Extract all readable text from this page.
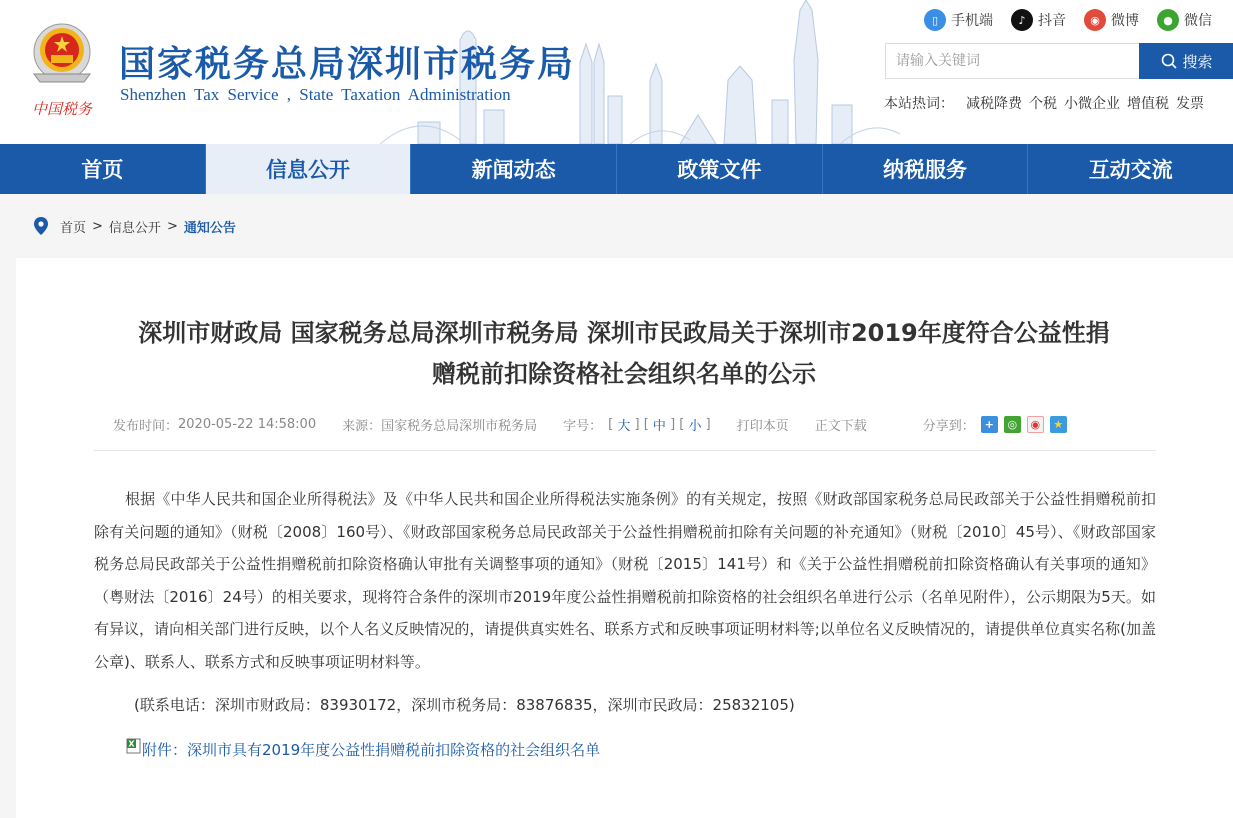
中国税务
国家税务总局深圳市税务局
Shenzhen Tax Service , State Taxation Administration
▯ 手机端	♪ 抖音	◉ 微博	● 微信
请输入关键词
搜索
本站热词： 减税降费 个税 小微企业 增值税 发票
首页	信息公开	新闻动态	政策文件	纳税服务	互动交流
首页 > 信息公开 > 通知公告
深圳市财政局 国家税务总局深圳市税务局 深圳市民政局关于深圳市2019年度符合公益性捐
赠税前扣除资格社会组织名单的公示
发布时间： 2020-05-22 14:58:00 来源： 国家税务总局深圳市税务局 字号： [ 大 ] [ 中 ] [ 小 ] 打印本页 正文下载	分享到： +	◎	◉	★

根据《中华人民共和国企业所得税法》及《中华人民共和国企业所得税法实施条例》的有关规定，按照《财政部国家税务总局民政部关于公益性捐赠税前扣除有关问题的通知》（财税〔2008〕160号）、《财政部国家税务总局民政部关于公益性捐赠税前扣除有关问题的补充通知》（财税〔2010〕45号）、《财政部国家税务总局民政部关于公益性捐赠税前扣除资格确认审批有关调整事项的通知》（财税〔2015〕141号）和《关于公益性捐赠税前扣除资格确认有关事项的通知》（粤财法〔2016〕24号）的相关要求，现将符合条件的深圳市2019年度公益性捐赠税前扣除资格的社会组织名单进行公示（名单见附件），公示期限为5天。如有异议，请向相关部门进行反映，以个人名义反映情况的，请提供真实姓名、联系方式和反映事项证明材料等;以单位名义反映情况的，请提供单位真实名称(加盖公章)、联系人、联系方式和反映事项证明材料等。

(联系电话：深圳市财政局：83930172，深圳市税务局：83876835，深圳市民政局：25832105)

X 附件：深圳市具有2019年度公益性捐赠税前扣除资格的社会组织名单
